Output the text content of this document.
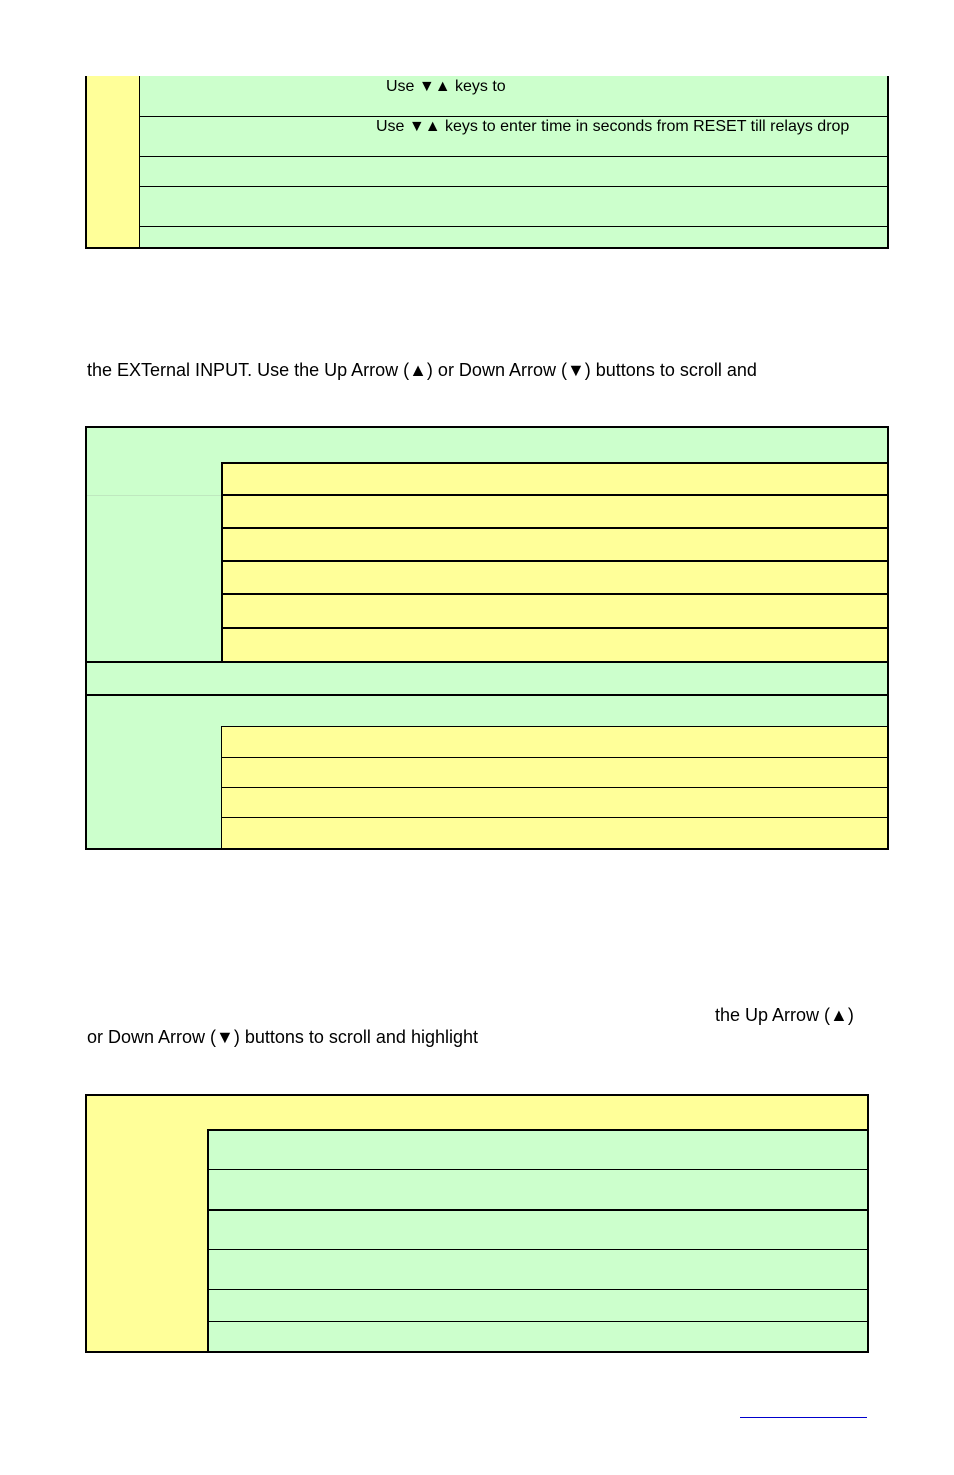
Use ▼▲ keys to
Use ▼▲ keys to enter time in seconds from RESET till relays drop
the EXTernal INPUT. Use the Up Arrow (▲) or Down Arrow (▼) buttons to scroll and
the Up Arrow (▲)
or Down Arrow (▼) buttons to scroll and highlight
